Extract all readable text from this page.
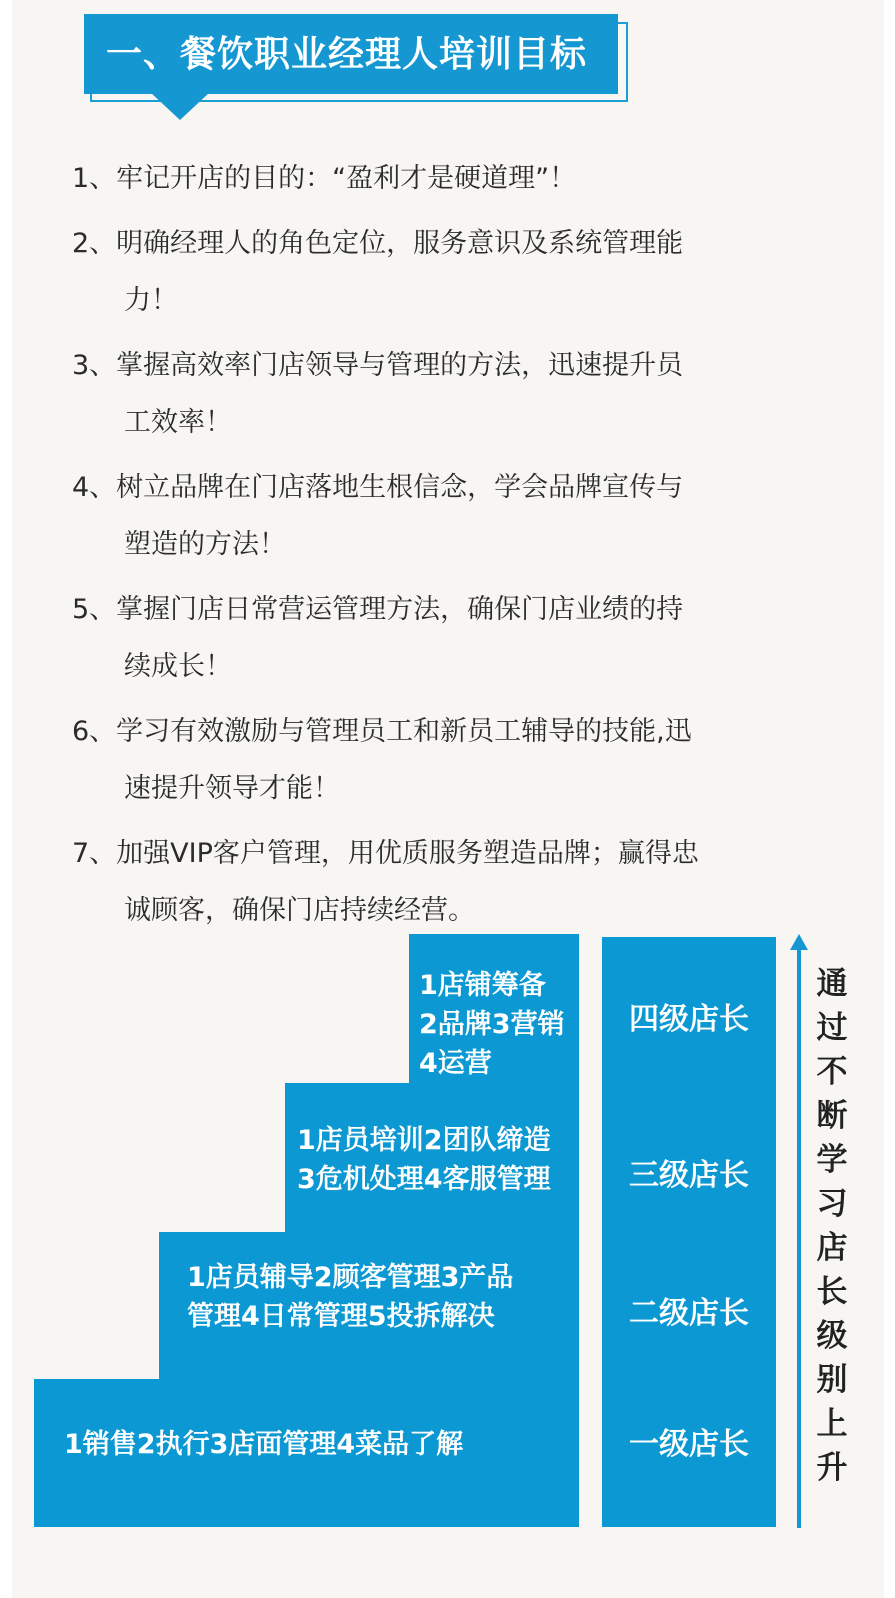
一、餐饮职业经理人培训目标
1、牢记开店的目的：“盈利才是硬道理”！
2、明确经理人的角色定位，服务意识及系统管理能
力！
3、掌握高效率门店领导与管理的方法，迅速提升员
工效率！
4、树立品牌在门店落地生根信念，学会品牌宣传与
塑造的方法！
5、掌握门店日常营运管理方法，确保门店业绩的持
续成长！
6、学习有效激励与管理员工和新员工辅导的技能,迅
速提升领导才能！
7、加强VIP客户管理，用优质服务塑造品牌；赢得忠
诚顾客，确保门店持续经营。
1销售2执行3店面管理4菜品了解
1店员辅导2顾客管理3产品
管理4日常管理5投拆解决
1店员培训2团队缔造
3危机处理4客服管理
1店铺筹备
2品牌3营销
4运营
一级店长
二级店长
三级店长
四级店长
通
过
不
断
学
习
店
长
级
别
上
升
